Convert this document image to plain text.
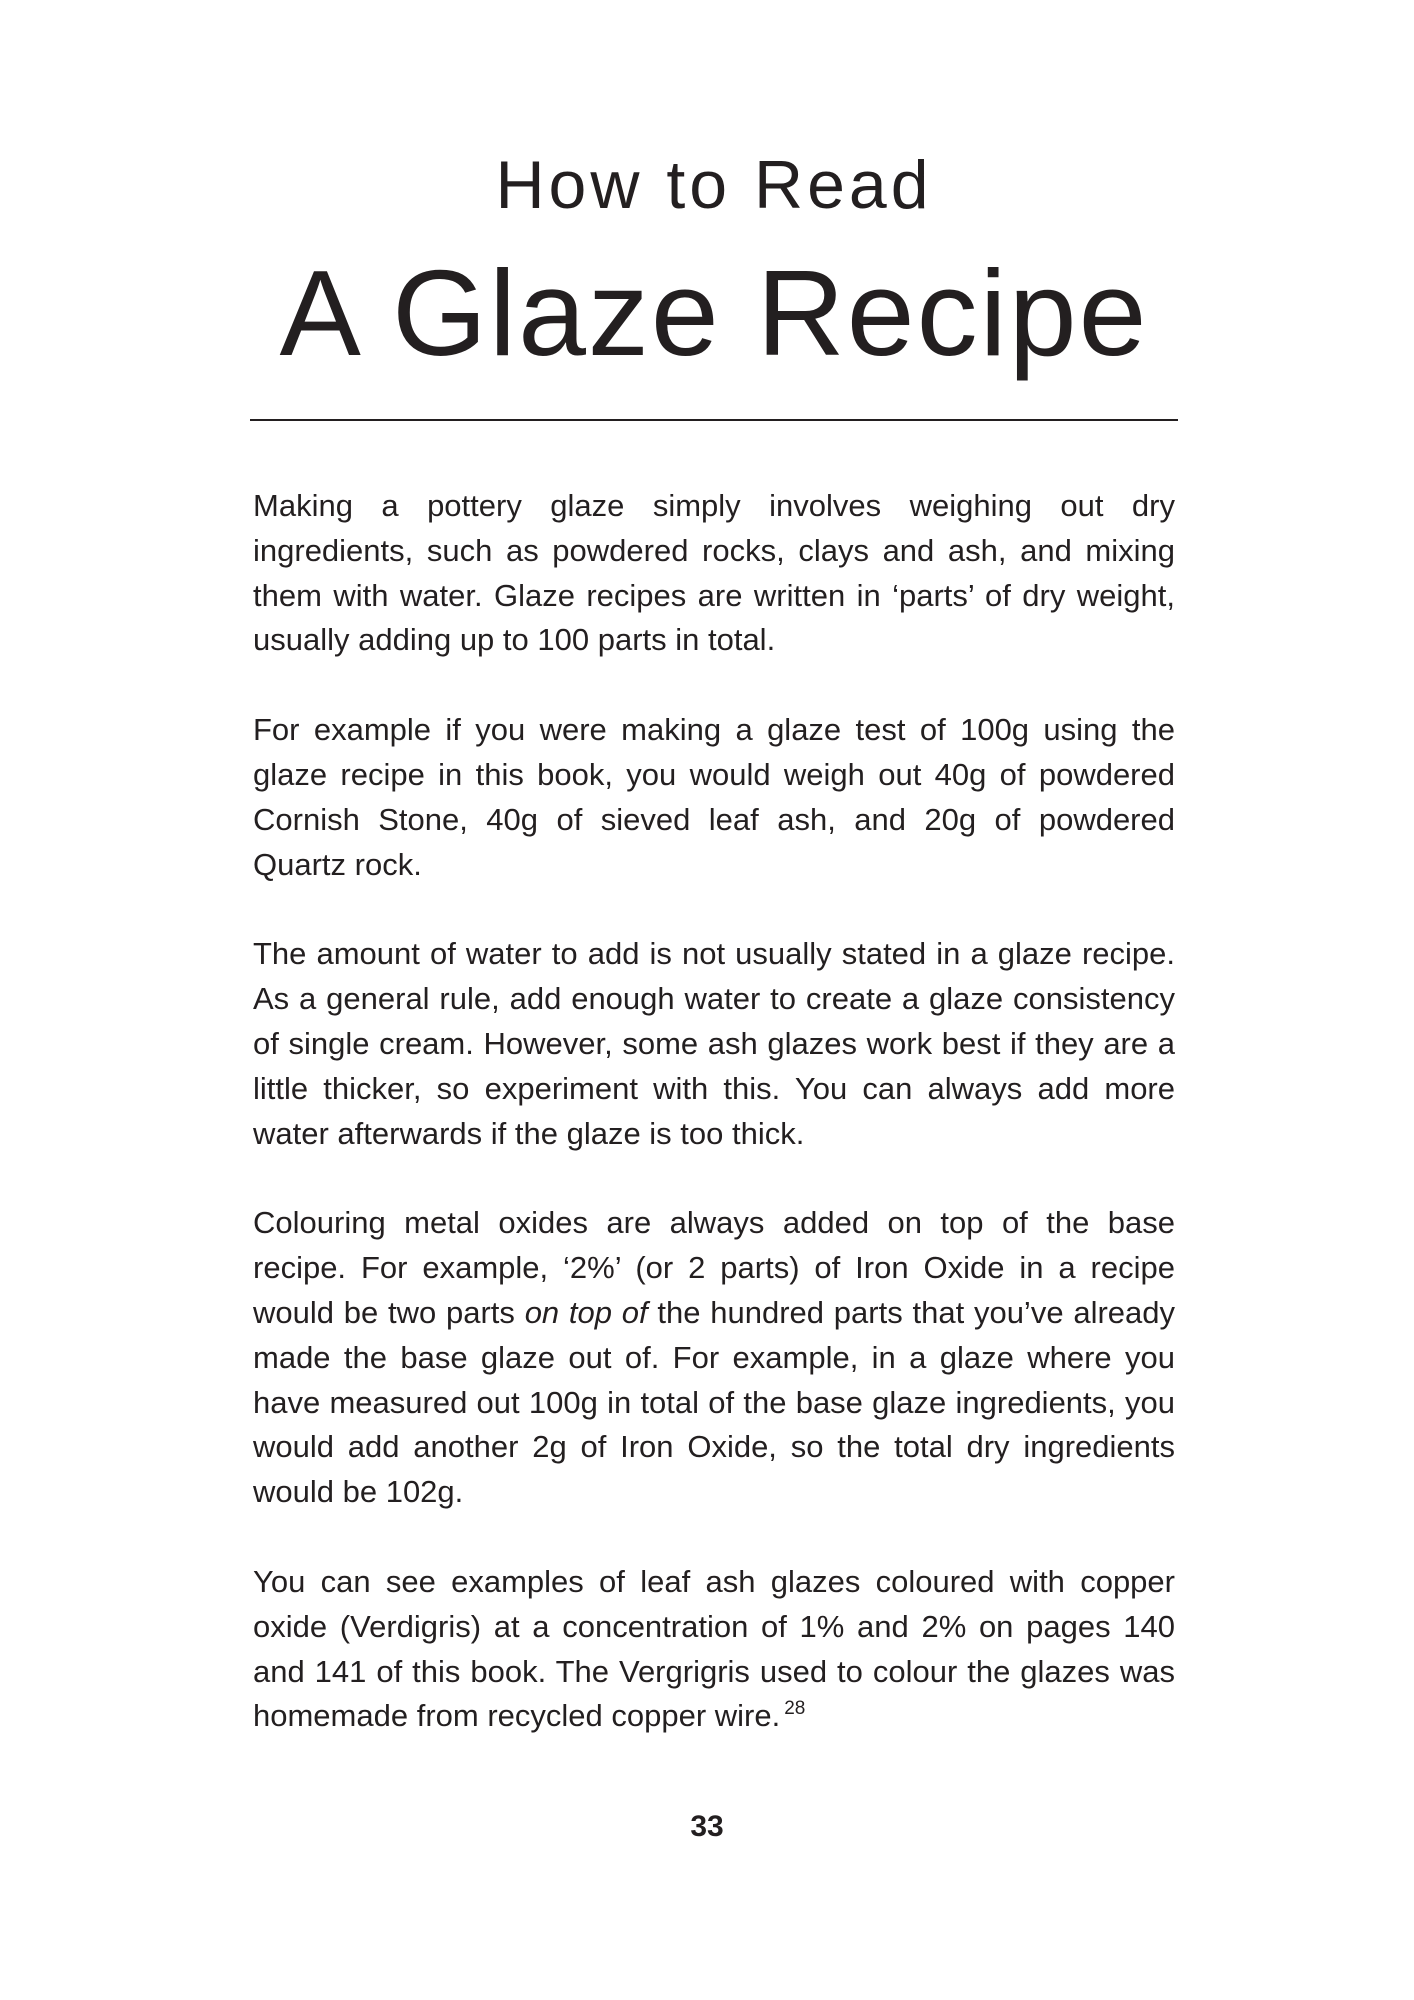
How to Read
A Glaze Recipe

Making a pottery glaze simply involves weighing out dry ingredients, such as powdered rocks, clays and ash, and mixing them with water. Glaze recipes are written in ‘parts’ of dry weight, usually adding up to 100 parts in total.

For example if you were making a glaze test of 100g using the glaze recipe in this book, you would weigh out 40g of powdered Cornish Stone, 40g of sieved leaf ash, and 20g of powdered Quartz rock.

The amount of water to add is not usually stated in a glaze recipe. As a general rule, add enough water to create a glaze consistency of single cream. However, some ash glazes work best if they are a little thicker, so experiment with this. You can always add more water afterwards if the glaze is too thick.

Colouring metal oxides are always added on top of the base recipe. For example, ‘2%’ (or 2 parts) of Iron Oxide in a recipe would be two parts on top of the hundred parts that you’ve already made the base glaze out of. For example, in a glaze where you have measured out 100g in total of the base glaze ingredients, you would add another 2g of Iron Oxide, so the total dry ingredients would be 102g.

You can see examples of leaf ash glazes coloured with copper oxide (Verdigris) at a concentration of 1% and 2% on pages 140 and 141 of this book. The Vergrigris used to colour the glazes was homemade from recycled copper wire. $^{28}$

33
